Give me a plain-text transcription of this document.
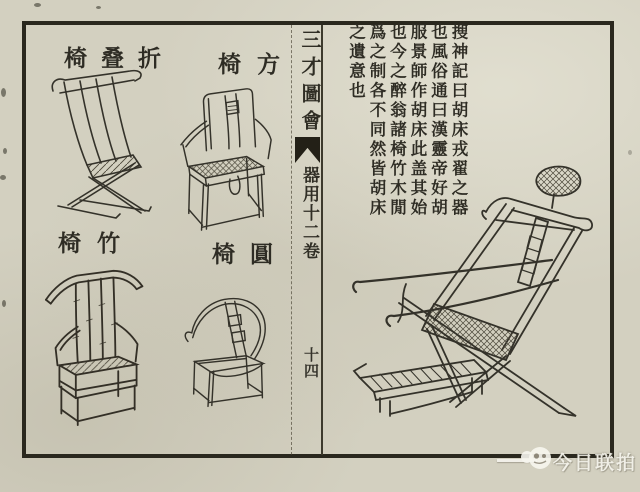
三才圖會
器用十二卷
十四
椅叠折 椅方
椅竹	椅圓
搜神記曰胡床戎翟之器
也風俗通曰漢靈帝好胡
服景師作胡床此盖其始
也今之醉翁諸椅竹木閒
爲之制各不同然皆胡床
之遺意也
今日联拍
